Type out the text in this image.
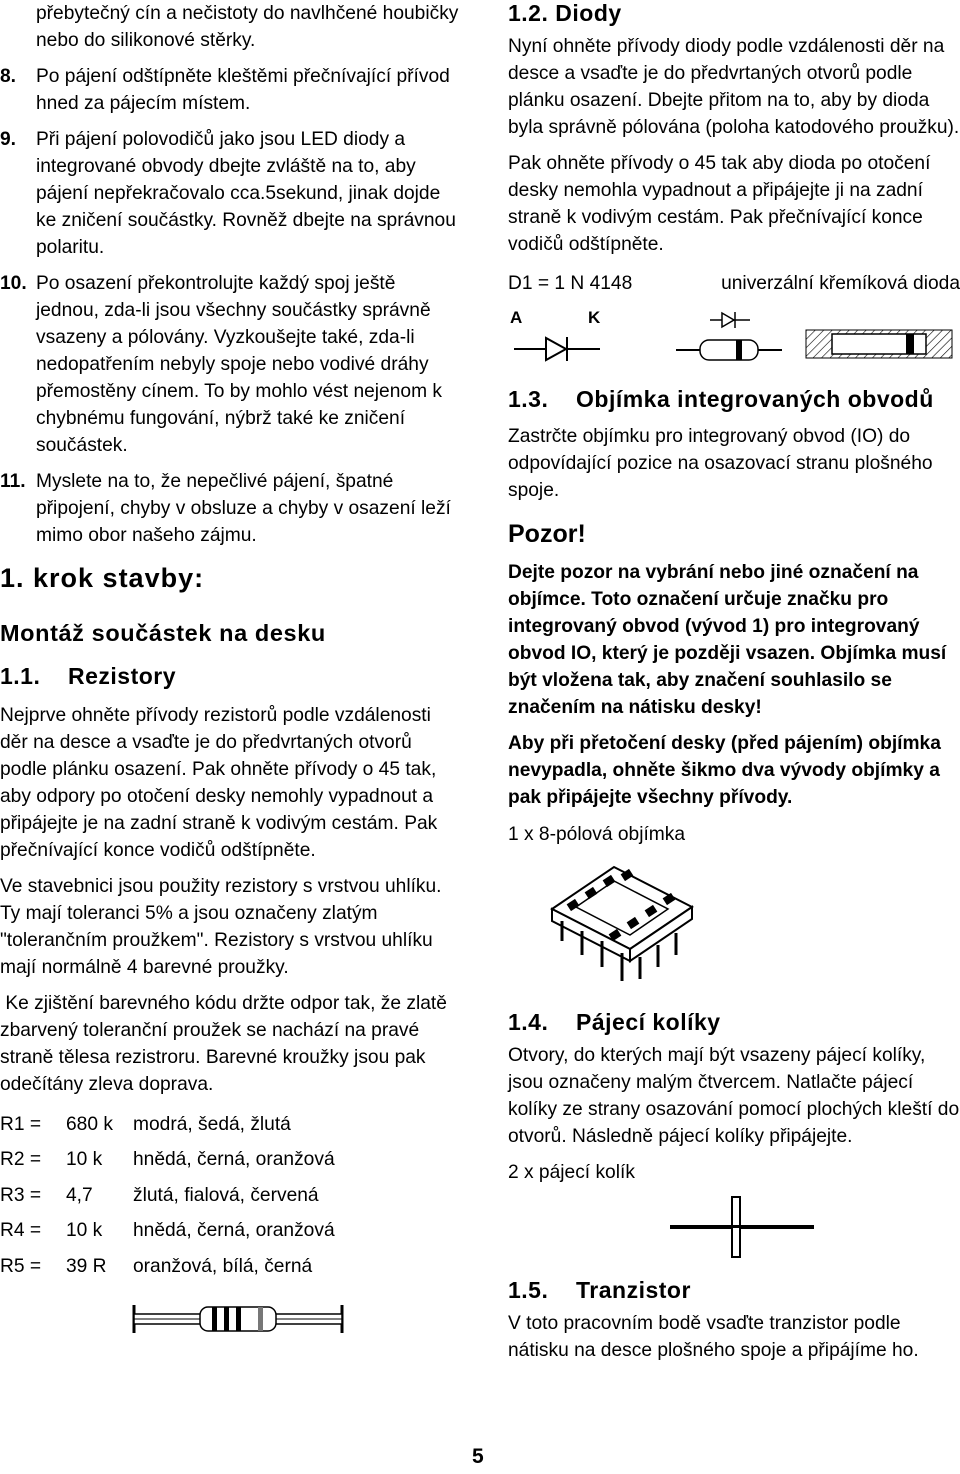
přebytečný cín a nečistoty do navlhčené houbičky nebo do silikonové stěrky.

8. Po pájení odštípněte kleštěmi přečnívající přívod hned za pájecím místem.
9. Při pájení polovodičů jako jsou LED diody a integrované obvody dbejte zvláště na to, aby pájení nepřekračovalo cca.5sekund, jinak dojde ke zničení součástky. Rovněž dbejte na správnou polaritu.
10. Po osazení překontrolujte každý spoj ještě jednou, zda-li jsou všechny součástky správně vsazeny a pólovány. Vyzkoušejte také, zda-li nedopatřením nebyly spoje nebo vodivé dráhy přemostěny cínem. To by mohlo vést nejenom k chybnému fungování, nýbrž také ke zničení součástek.
11. Myslete na to, že nepečlivé pájení, špatné připojení, chyby v obsluze a chyby v osazení leží mimo obor našeho zájmu.
1. krok stavby:
Montáž součástek na desku
1.1. Rezistory

Nejprve ohněte přívody rezistorů podle vzdálenosti děr na desce a vsaďte je do předvrtaných otvorů podle plánku osazení. Pak ohněte přívody o 45 tak, aby odpory po otočení desky nemohly vypadnout a připájejte je na zadní straně k vodivým cestám. Pak přečnívající konce vodičů odštípněte.

Ve stavebnici jsou použity rezistory s vrstvou uhlíku. Ty mají toleranci 5% a jsou označeny zlatým "tolerančním proužkem". Rezistory s vrstvou uhlíku mají normálně 4 barevné proužky.

Ke zjištění barevného kódu držte odpor tak, že zlatě zbarvený toleranční proužek se nachází na pravé straně tělesa rezistroru. Barevné kroužky jsou pak odečítány zleva doprava.

R1 =	680 k	modrá, šedá, žlutá
R2 =	10 k	hnědá, černá, oranžová
R3 =	4,7	žlutá, fialová, červená
R4 =	10 k	hnědá, černá, oranžová
R5 =	39 R	oranžová, bílá, černá
1.2. Diody

Nyní ohněte přívody diody podle vzdálenosti děr na desce a vsaďte je do předvrtaných otvorů podle plánku osazení. Dbejte přitom na to, aby by dioda byla správně pólována (poloha katodového proužku).

Pak ohněte přívody o 45 tak aby dioda po otočení desky nemohla vypadnout a připájejte ji na zadní straně k vodivým cestám. Pak přečnívající konce vodičů odštípněte.

D1 = 1 N 4148	univerzální křemíková dioda
A	K
1.3. Objímka integrovaných obvodů

Zastrčte objímku pro integrovaný obvod (IO) do odpovídající pozice na osazovací stranu plošného spoje.

Pozor!

Dejte pozor na vybrání nebo jiné označení na objímce. Toto označení určuje značku pro integrovaný obvod (vývod 1) pro integrovaný obvod IO, který je později vsazen. Objímka musí být vložena tak, aby značení souhlasilo se značením na nátisku desky!

Aby při přetočení desky (před pájením) objímka nevypadla, ohněte šikmo dva vývody objímky a pak připájejte všechny přívody.

1 x 8-pólová objímka

1.4. Pájecí kolíky

Otvory, do kterých mají být vsazeny pájecí kolíky, jsou označeny malým čtvercem. Natlačte pájecí kolíky ze strany osazování pomocí plochých kleští do otvorů. Následně pájecí kolíky připájejte.

2 x pájecí kolík

1.5. Tranzistor

V toto pracovním bodě vsaďte tranzistor podle nátisku na desce plošného spoje a připájíme ho.

5
